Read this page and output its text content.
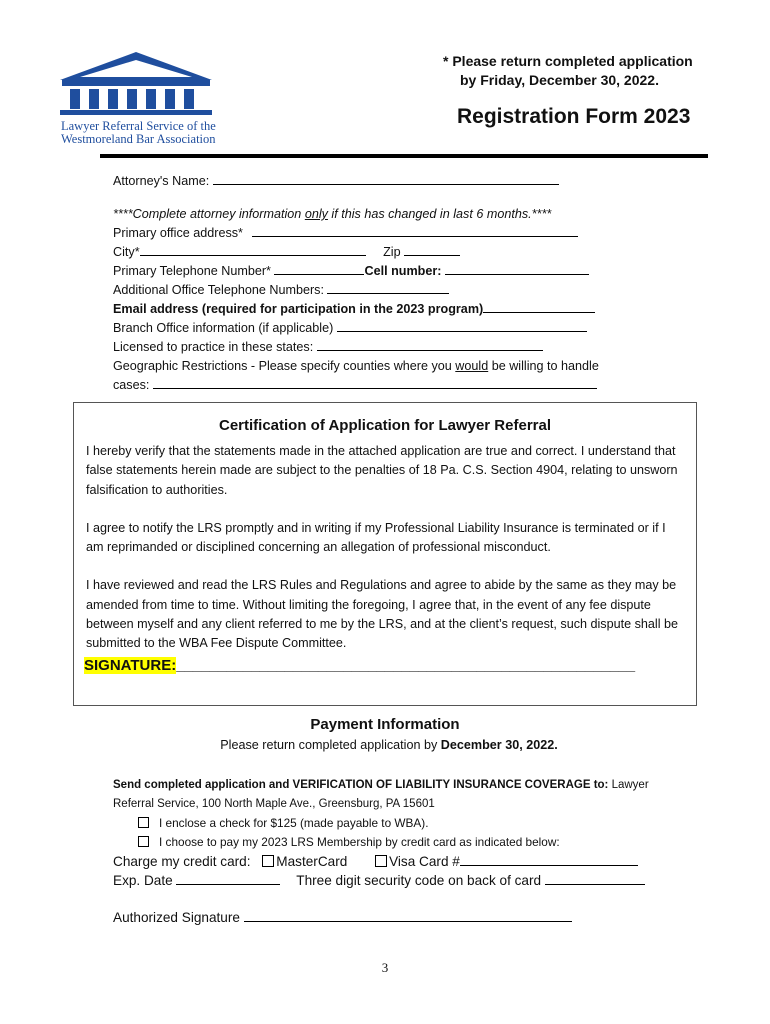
Lawyer Referral Service of the
Westmoreland Bar Association
* Please return completed application
by Friday, December 30, 2022.
Registration Form 2023
Attorney's Name:
****Complete attorney information only if this has changed in last 6 months.****
Primary office address*
City*	Zip
Primary Telephone Number*	Cell number:
Additional Office Telephone Numbers:
Email address (required for participation in the 2023 program)
Branch Office information (if applicable)
Licensed to practice in these states:
Geographic Restrictions - Please specify counties where you would be willing to handle
cases:
Certification of Application for Lawyer Referral
I hereby verify that the statements made in the attached application are true and correct. I understand that false statements herein made are subject to the penalties of 18 Pa. C.S. Section 4904, relating to unsworn falsification to authorities.
I agree to notify the LRS promptly and in writing if my Professional Liability Insurance is terminated or if I am reprimanded or disciplined concerning an allegation of professional misconduct.
I have reviewed and read the LRS Rules and Regulations and agree to abide by the same as they may be amended from time to time. Without limiting the foregoing, I agree that, in the event of any fee dispute between myself and any client referred to me by the LRS, and at the client’s request, such dispute shall be submitted to the WBA Fee Dispute Committee.
SIGNATURE:_______________________________________________________
Payment Information
Please return completed application by December 30, 2022.
Send completed application and VERIFICATION OF LIABILITY INSURANCE COVERAGE to: Lawyer
Referral Service, 100 North Maple Ave., Greensburg, PA 15601
I enclose a check for $125 (made payable to WBA).
I choose to pay my 2023 LRS Membership by credit card as indicated below:
Charge my credit card: MasterCard	Visa Card #
Exp. Date	Three digit security code on back of card
Authorized Signature
3
